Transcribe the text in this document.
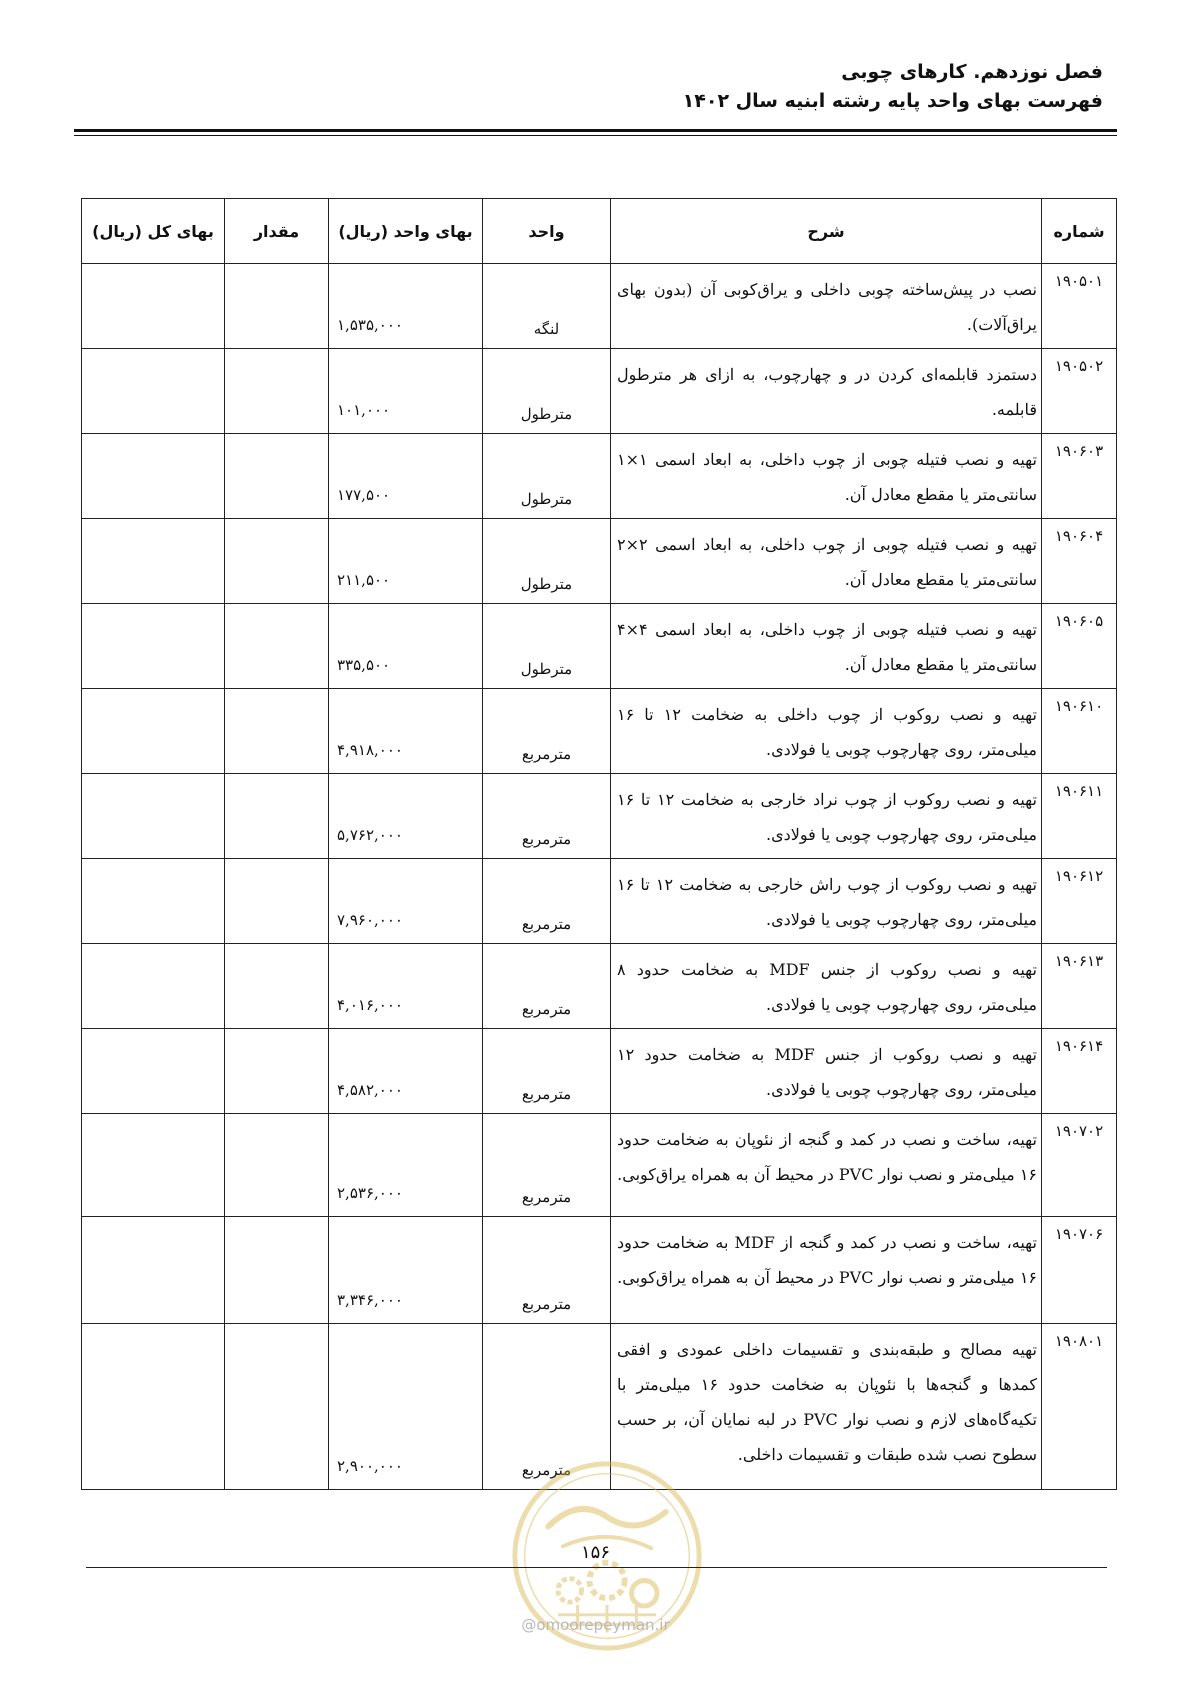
فصل نوزدهم. کارهای چوبی
فهرست بهای واحد پایه رشته ابنیه سال ۱۴۰۲
شماره	شرح	واحد	بهای واحد (ریال)	مقدار	بهای کل (ریال)
۱۹۰۵۰۱	نصب در پیش‌ساخته چوبی داخلی و یراق‌کوبی آن (بدون بهای یراق‌آلات).	لنگه	۱,۵۳۵,۰۰۰		
۱۹۰۵۰۲	دستمزد قابلمه‌ای کردن در و چهارچوب، به ازای هر مترطول قابلمه.	مترطول	۱۰۱,۰۰۰		
۱۹۰۶۰۳	تهیه و نصب فتیله چوبی از چوب داخلی، به ابعاد اسمی ۱×۱ سانتی‌متر یا مقطع معادل آن.	مترطول	۱۷۷,۵۰۰		
۱۹۰۶۰۴	تهیه و نصب فتیله چوبی از چوب داخلی، به ابعاد اسمی ۲×۲ سانتی‌متر یا مقطع معادل آن.	مترطول	۲۱۱,۵۰۰		
۱۹۰۶۰۵	تهیه و نصب فتیله چوبی از چوب داخلی، به ابعاد اسمی ۴×۴ سانتی‌متر یا مقطع معادل آن.	مترطول	۳۳۵,۵۰۰		
۱۹۰۶۱۰	تهیه و نصب روکوب از چوب داخلی به ضخامت ۱۲ تا ۱۶ میلی‌متر، روی چهارچوب چوبی یا فولادی.	مترمربع	۴,۹۱۸,۰۰۰		
۱۹۰۶۱۱	تهیه و نصب روکوب از چوب نراد خارجی به ضخامت ۱۲ تا ۱۶ میلی‌متر، روی چهارچوب چوبی یا فولادی.	مترمربع	۵,۷۶۲,۰۰۰		
۱۹۰۶۱۲	تهیه و نصب روکوب از چوب راش خارجی به ضخامت ۱۲ تا ۱۶ میلی‌متر، روی چهارچوب چوبی یا فولادی.	مترمربع	۷,۹۶۰,۰۰۰		
۱۹۰۶۱۳	تهیه و نصب روکوب از جنس MDF به ضخامت حدود ۸ میلی‌متر، روی چهارچوب چوبی یا فولادی.	مترمربع	۴,۰۱۶,۰۰۰		
۱۹۰۶۱۴	تهیه و نصب روکوب از جنس MDF به ضخامت حدود ۱۲ میلی‌متر، روی چهارچوب چوبی یا فولادی.	مترمربع	۴,۵۸۲,۰۰۰		
۱۹۰۷۰۲	تهیه، ساخت و نصب در کمد و گنجه از نئوپان به ضخامت حدود ۱۶ میلی‌متر و نصب نوار PVC در محیط آن به همراه یراق‌کوبی.	مترمربع	۲,۵۳۶,۰۰۰		
۱۹۰۷۰۶	تهیه، ساخت و نصب در کمد و گنجه از MDF به ضخامت حدود ۱۶ میلی‌متر و نصب نوار PVC در محیط آن به همراه یراق‌کوبی.	مترمربع	۳,۳۴۶,۰۰۰		
۱۹۰۸۰۱	تهیه مصالح و طبقه‌بندی و تقسیمات داخلی عمودی و افقی کمدها و گنجه‌ها با نئوپان به ضخامت حدود ۱۶ میلی‌متر با تکیه‌گاه‌های لازم و نصب نوار PVC در لبه نمایان آن، بر حسب سطوح نصب شده طبقات و تقسیمات داخلی.	مترمربع	۲,۹۰۰,۰۰۰		
۱۵۶
@omoorepeyman.ir
